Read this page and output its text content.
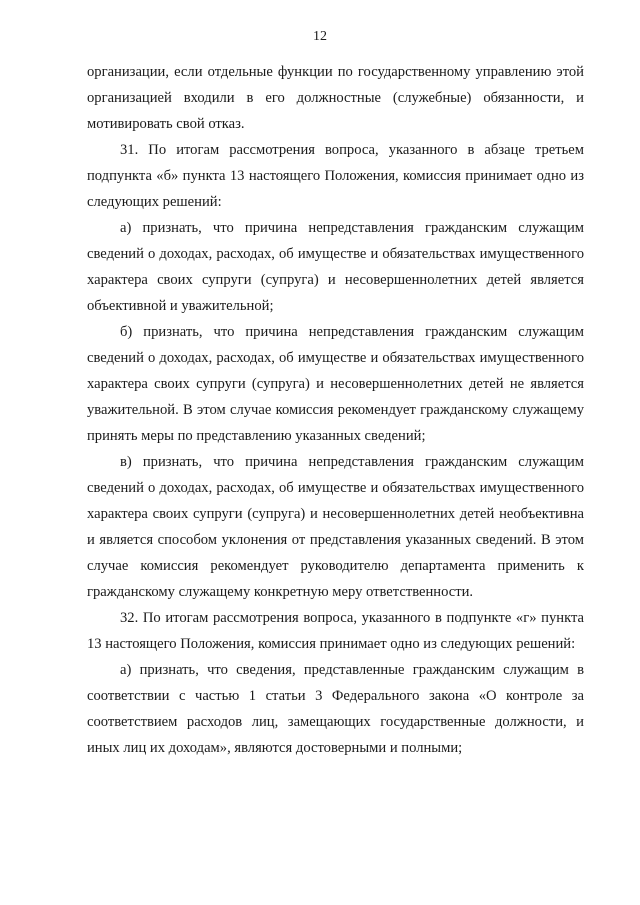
12

организации, если отдельные функции по государственному управлению этой организацией входили в его должностные (служебные) обязанности, и мотивировать свой отказ.

31. По итогам рассмотрения вопроса, указанного в абзаце третьем подпункта «б» пункта 13 настоящего Положения, комиссия принимает одно из следующих решений:

а) признать, что причина непредставления гражданским служащим сведений о доходах, расходах, об имуществе и обязательствах имущественного характера своих супруги (супруга) и несовершеннолетних детей является объективной и уважительной;

б) признать, что причина непредставления гражданским служащим сведений о доходах, расходах, об имуществе и обязательствах имущественного характера своих супруги (супруга) и несовершеннолетних детей не является уважительной. В этом случае комиссия рекомендует гражданскому служащему принять меры по представлению указанных сведений;

в) признать, что причина непредставления гражданским служащим сведений о доходах, расходах, об имуществе и обязательствах имущественного характера своих супруги (супруга) и несовершеннолетних детей необъективна и является способом уклонения от представления указанных сведений. В этом случае комиссия рекомендует руководителю департамента применить к гражданскому служащему конкретную меру ответственности.

32. По итогам рассмотрения вопроса, указанного в подпункте «г» пункта 13 настоящего Положения, комиссия принимает одно из следующих решений:

а) признать, что сведения, представленные гражданским служащим в соответствии с частью 1 статьи 3 Федерального закона «О контроле за соответствием расходов лиц, замещающих государственные должности, и иных лиц их доходам», являются достоверными и полными;
